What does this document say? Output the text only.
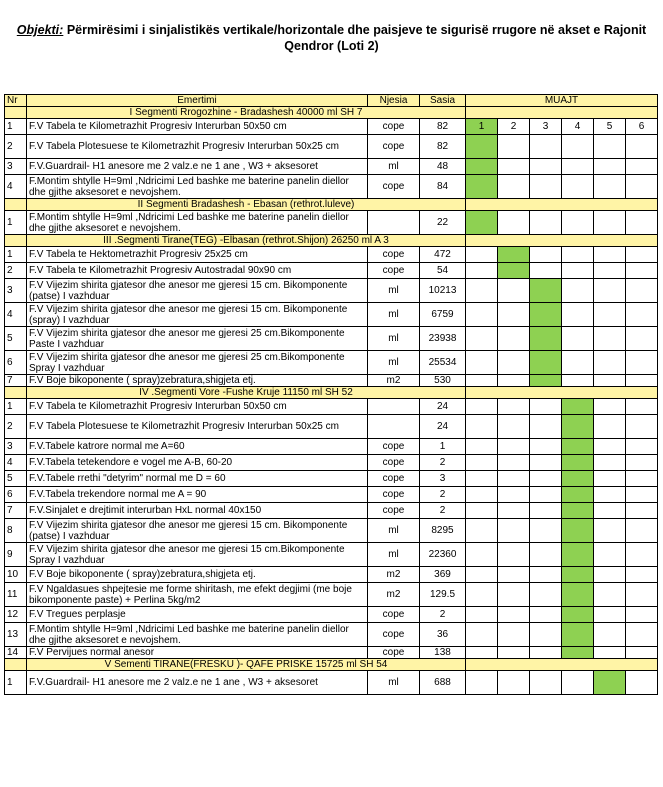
Objekti: Përmirësimi i sinjalistikës vertikale/horizontale dhe paisjeve te sigurisë rrugore në akset e Rajonit
Qendror (Loti 2)
Nr	Emertimi	Njesia	Sasia	MUAJT					
	I Segmenti Rrogozhine - Bradashesh 40000 ml SH 7								
1	F.V Tabela te Kilometrazhit Progresiv Interurban 50x50 cm	cope	82	1	2	3	4	5	6
2	F.V Tabela Plotesuese te Kilometrazhit Progresiv Interurban 50x25 cm	cope	82						
3	F.V.Guardrail- H1 anesore me 2 valz.e ne 1 ane , W3 + aksesoret	ml	48						
4	F.Montim shtylle H=9ml ,Ndricimi Led bashke me baterine panelin diellor dhe gjithe aksesoret e nevojshem.	cope	84						
	II Segmenti Bradashesh - Ebasan (rethrot.luleve)								
1	F.Montim shtylle H=9ml ,Ndricimi Led bashke me baterine panelin diellor dhe gjithe aksesoret e nevojshem.		22						
	III .Segmenti Tirane(TEG) -Elbasan (rethrot.Shijon) 26250 ml A 3								
1	F.V Tabela te Hektometrazhit Progresiv 25x25 cm	cope	472						
2	F.V Tabela te Kilometrazhit Progresiv Autostradal 90x90 cm	cope	54						
3	F.V Vijezim shirita gjatesor dhe anesor me gjeresi 15 cm. Bikomponente (patse) I vazhduar	ml	10213						
4	F.V Vijezim shirita gjatesor dhe anesor me gjeresi 15 cm. Bikomponente (spray) I vazhduar	ml	6759						
5	F.V Vijezim shirita gjatesor dhe anesor me gjeresi 25 cm.Bikomponente Paste I vazhduar	ml	23938						
6	F.V Vijezim shirita gjatesor dhe anesor me gjeresi 25 cm.Bikomponente Spray I vazhduar	ml	25534						
7	F.V Boje bikoponente ( spray)zebratura,shigjeta etj.	m2	530						
	IV .Segmenti Vore -Fushe Kruje 11150 ml SH 52								
1	F.V Tabela te Kilometrazhit Progresiv Interurban 50x50 cm		24						
2	F.V Tabela Plotesuese te Kilometrazhit Progresiv Interurban 50x25 cm		24						
3	F.V.Tabele katrore normal me A=60	cope	1						
4	F.V.Tabela tetekendore e vogel me A-B, 60-20	cope	2						
5	F.V.Tabele rrethi "detyrim" normal me D = 60	cope	3						
6	F.V.Tabela trekendore normal me A = 90	cope	2						
7	F.V.Sinjalet e drejtimit interurban HxL normal 40x150	cope	2						
8	F.V Vijezim shirita gjatesor dhe anesor me gjeresi 15 cm. Bikomponente (patse) I vazhduar	ml	8295						
9	F.V Vijezim shirita gjatesor dhe anesor me gjeresi 15 cm.Bikomponente Spray I vazhduar	ml	22360						
10	F.V Boje bikoponente ( spray)zebratura,shigjeta etj.	m2	369						
11	F.V Ngaldasues shpejtesie me forme shiritash, me efekt degjimi (me boje bikomponente paste) + Perlina 5kg/m2	m2	129.5						
12	F.V Tregues perplasje	cope	2						
13	F.Montim shtylle H=9ml ,Ndricimi Led bashke me baterine panelin diellor dhe gjithe aksesoret e nevojshem.	cope	36						
14	F.V Pervijues normal anesor	cope	138						
	V Sementi TIRANE(FRESKU )- QAFE PRISKE 15725 ml SH 54								
1	F.V.Guardrail- H1 anesore me 2 valz.e ne 1 ane , W3 + aksesoret	ml	688						
